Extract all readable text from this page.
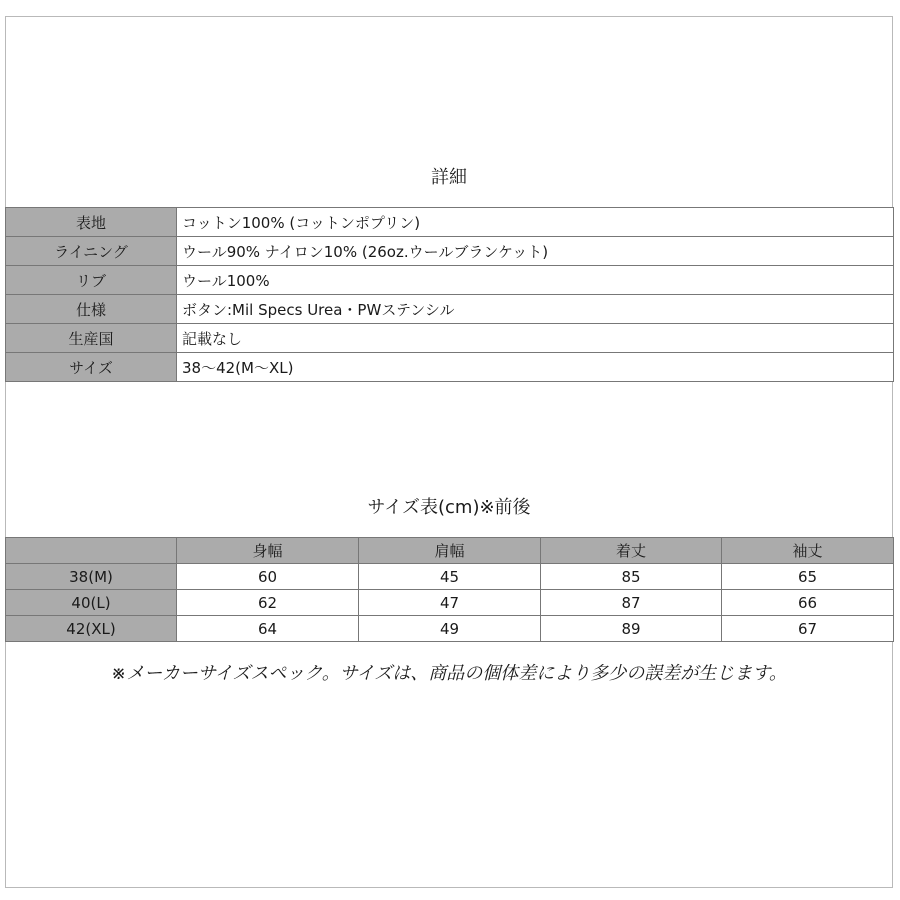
詳細
表地	コットン100% (コットンポプリン)
ライニング	ウール90% ナイロン10% (26oz.ウールブランケット)
リブ	ウール100%
仕様	ボタン:Mil Specs Urea・PWステンシル
生産国	記載なし
サイズ	38〜42(M〜XL)
サイズ表(cm)※前後
	身幅	肩幅	着丈	袖丈
38(M)	60	45	85	65
40(L)	62	47	87	66
42(XL)	64	49	89	67
※メーカーサイズスペック。サイズは、商品の個体差により多少の誤差が生じます。
